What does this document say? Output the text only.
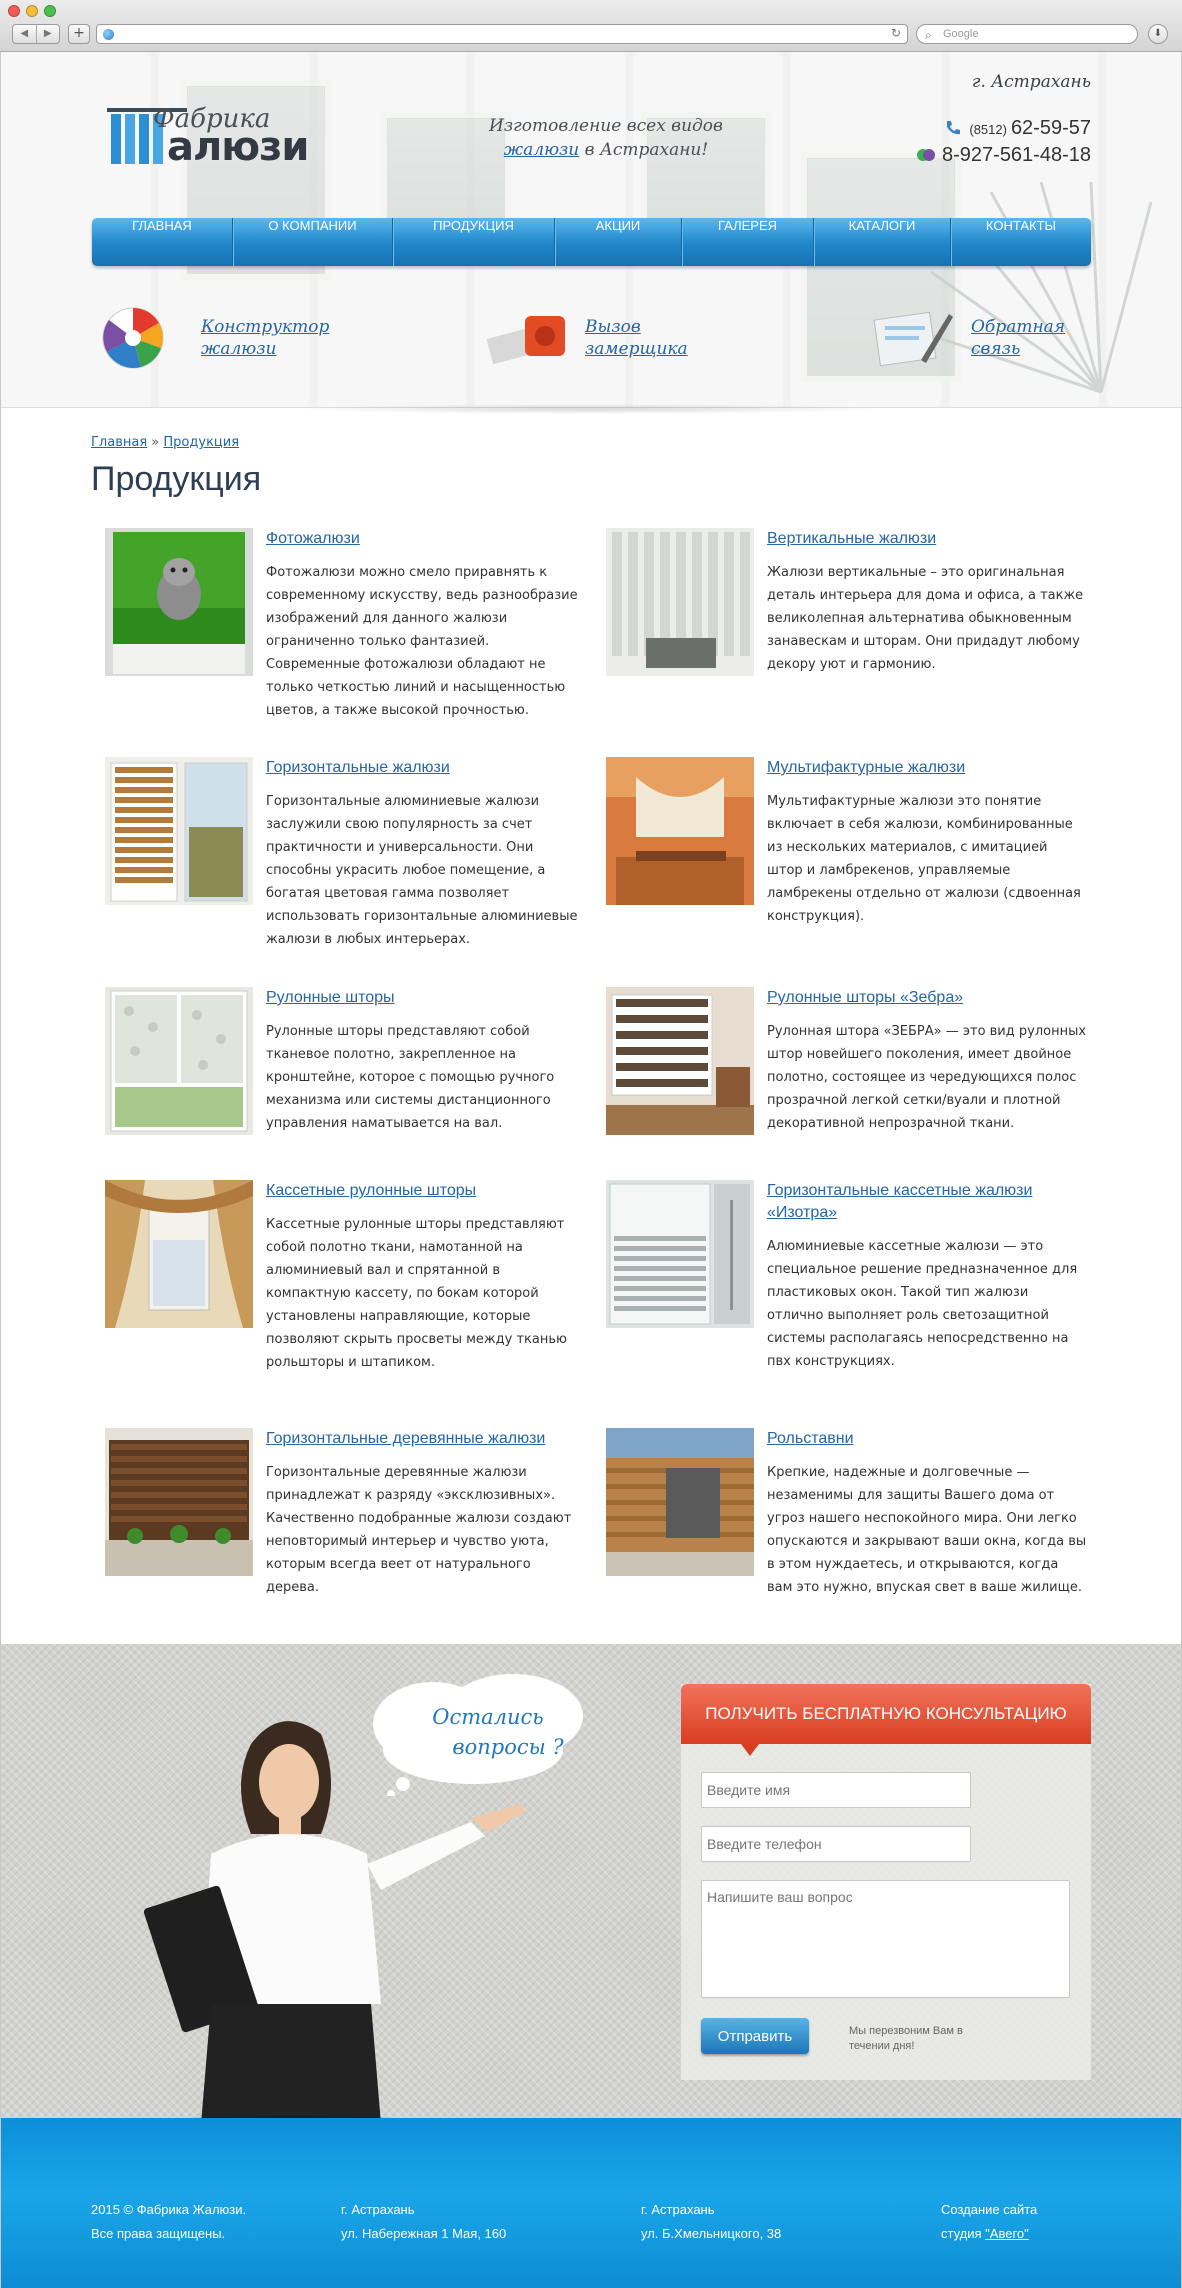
◀	▶	+	↻ ⌕ Google	⬇
Фабрика
алюзи	Изготовление всех видов
жалюзи в Астрахани!
г. Астрахань
(8512) 62-59-57
8-927-561-48-18
ГЛАВНАЯ	О КОМПАНИИ	ПРОДУКЦИЯ	АКЦИИ	ГАЛЕРЕЯ	КАТАЛОГИ	КОНТАКТЫ
Конструктор
жалюзи
Вызов
замерщика
Обратная
связь
Главная » Продукция
Продукция
Фотожалюзи
Фотожалюзи можно смело приравнять к современному искусству, ведь разнообразие изображений для данного жалюзи ограниченно только фантазией. Современные фотожалюзи обладают не только четкостью линий и насыщенностью цветов, а также высокой прочностью.
Вертикальные жалюзи
Жалюзи вертикальные – это оригинальная деталь интерьера для дома и офиса, а также великолепная альтернатива обыкновенным занавескам и шторам. Они придадут любому декору уют и гармонию.
Горизонтальные жалюзи
Горизонтальные алюминиевые жалюзи заслужили свою популярность за счет практичности и универсальности. Они способны украсить любое помещение, а богатая цветовая гамма позволяет использовать горизонтальные алюминиевые жалюзи в любых интерьерах.
Мультифактурные жалюзи
Мультифактурные жалюзи это понятие включает в себя жалюзи, комбинированные из нескольких материалов, с имитацией штор и ламбрекенов, управляемые ламбрекены отдельно от жалюзи (сдвоенная конструкция).
Рулонные шторы
Рулонные шторы представляют собой тканевое полотно, закрепленное на кронштейне, которое с помощью ручного механизма или системы дистанционного управления наматывается на вал.
Рулонные шторы «Зебра»
Рулонная штора «ЗЕБРА» — это вид рулонных штор новейшего поколения, имеет двойное полотно, состоящее из чередующихся полос прозрачной легкой сетки/вуали и плотной декоративной непрозрачной ткани.
Кассетные рулонные шторы
Кассетные рулонные шторы представляют собой полотно ткани, намотанной на алюминиевый вал и спрятанной в компактную кассету, по бокам которой установлены направляющие, которые позволяют скрыть просветы между тканью рольшторы и штапиком.
Горизонтальные кассетные жалюзи «Изотра»
Алюминиевые кассетные жалюзи — это специальное решение предназначенное для пластиковых окон. Такой тип жалюзи отлично выполняет роль светозащитной системы располагаясь непосредственно на пвх конструкциях.
Горизонтальные деревянные жалюзи
Горизонтальные деревянные жалюзи принадлежат к разряду «эксклюзивных». Качественно подобранные жалюзи создают неповторимый интерьер и чувство уюта, которым всегда веет от натурального дерева.
Рольставни
Крепкие, надежные и долговечные — незаменимы для защиты Вашего дома от угроз нашего неспокойного мира. Они легко опускаются и закрывают ваши окна, когда вы в этом нуждаетесь, и открываются, когда вам это нужно, впуская свет в ваше жилище.
Остались
вопросы ?
ПОЛУЧИТЬ БЕСПЛАТНУЮ КОНСУЛЬТАЦИЮ
Введите имя
Введите телефон
Напишите ваш вопрос
Отправить	Мы перезвоним Вам в течении дня!
2015 © Фабрика Жалюзи.
Все права защищены.
г. Астрахань
ул. Набережная 1 Мая, 160
г. Астрахань
ул. Б.Хмельницкого, 38
Создание сайта
студия "Авего"
